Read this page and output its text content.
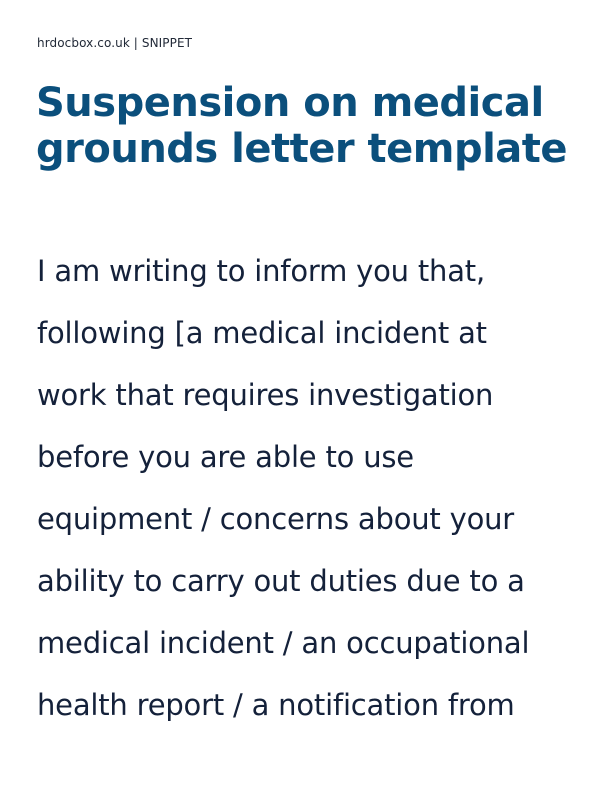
hrdocbox.co.uk | SNIPPET
Suspension on medical grounds letter template
I am writing to inform you that,
following [a medical incident at
work that requires investigation
before you are able to use
equipment / concerns about your
ability to carry out duties due to a
medical incident / an occupational
health report / a notification from
